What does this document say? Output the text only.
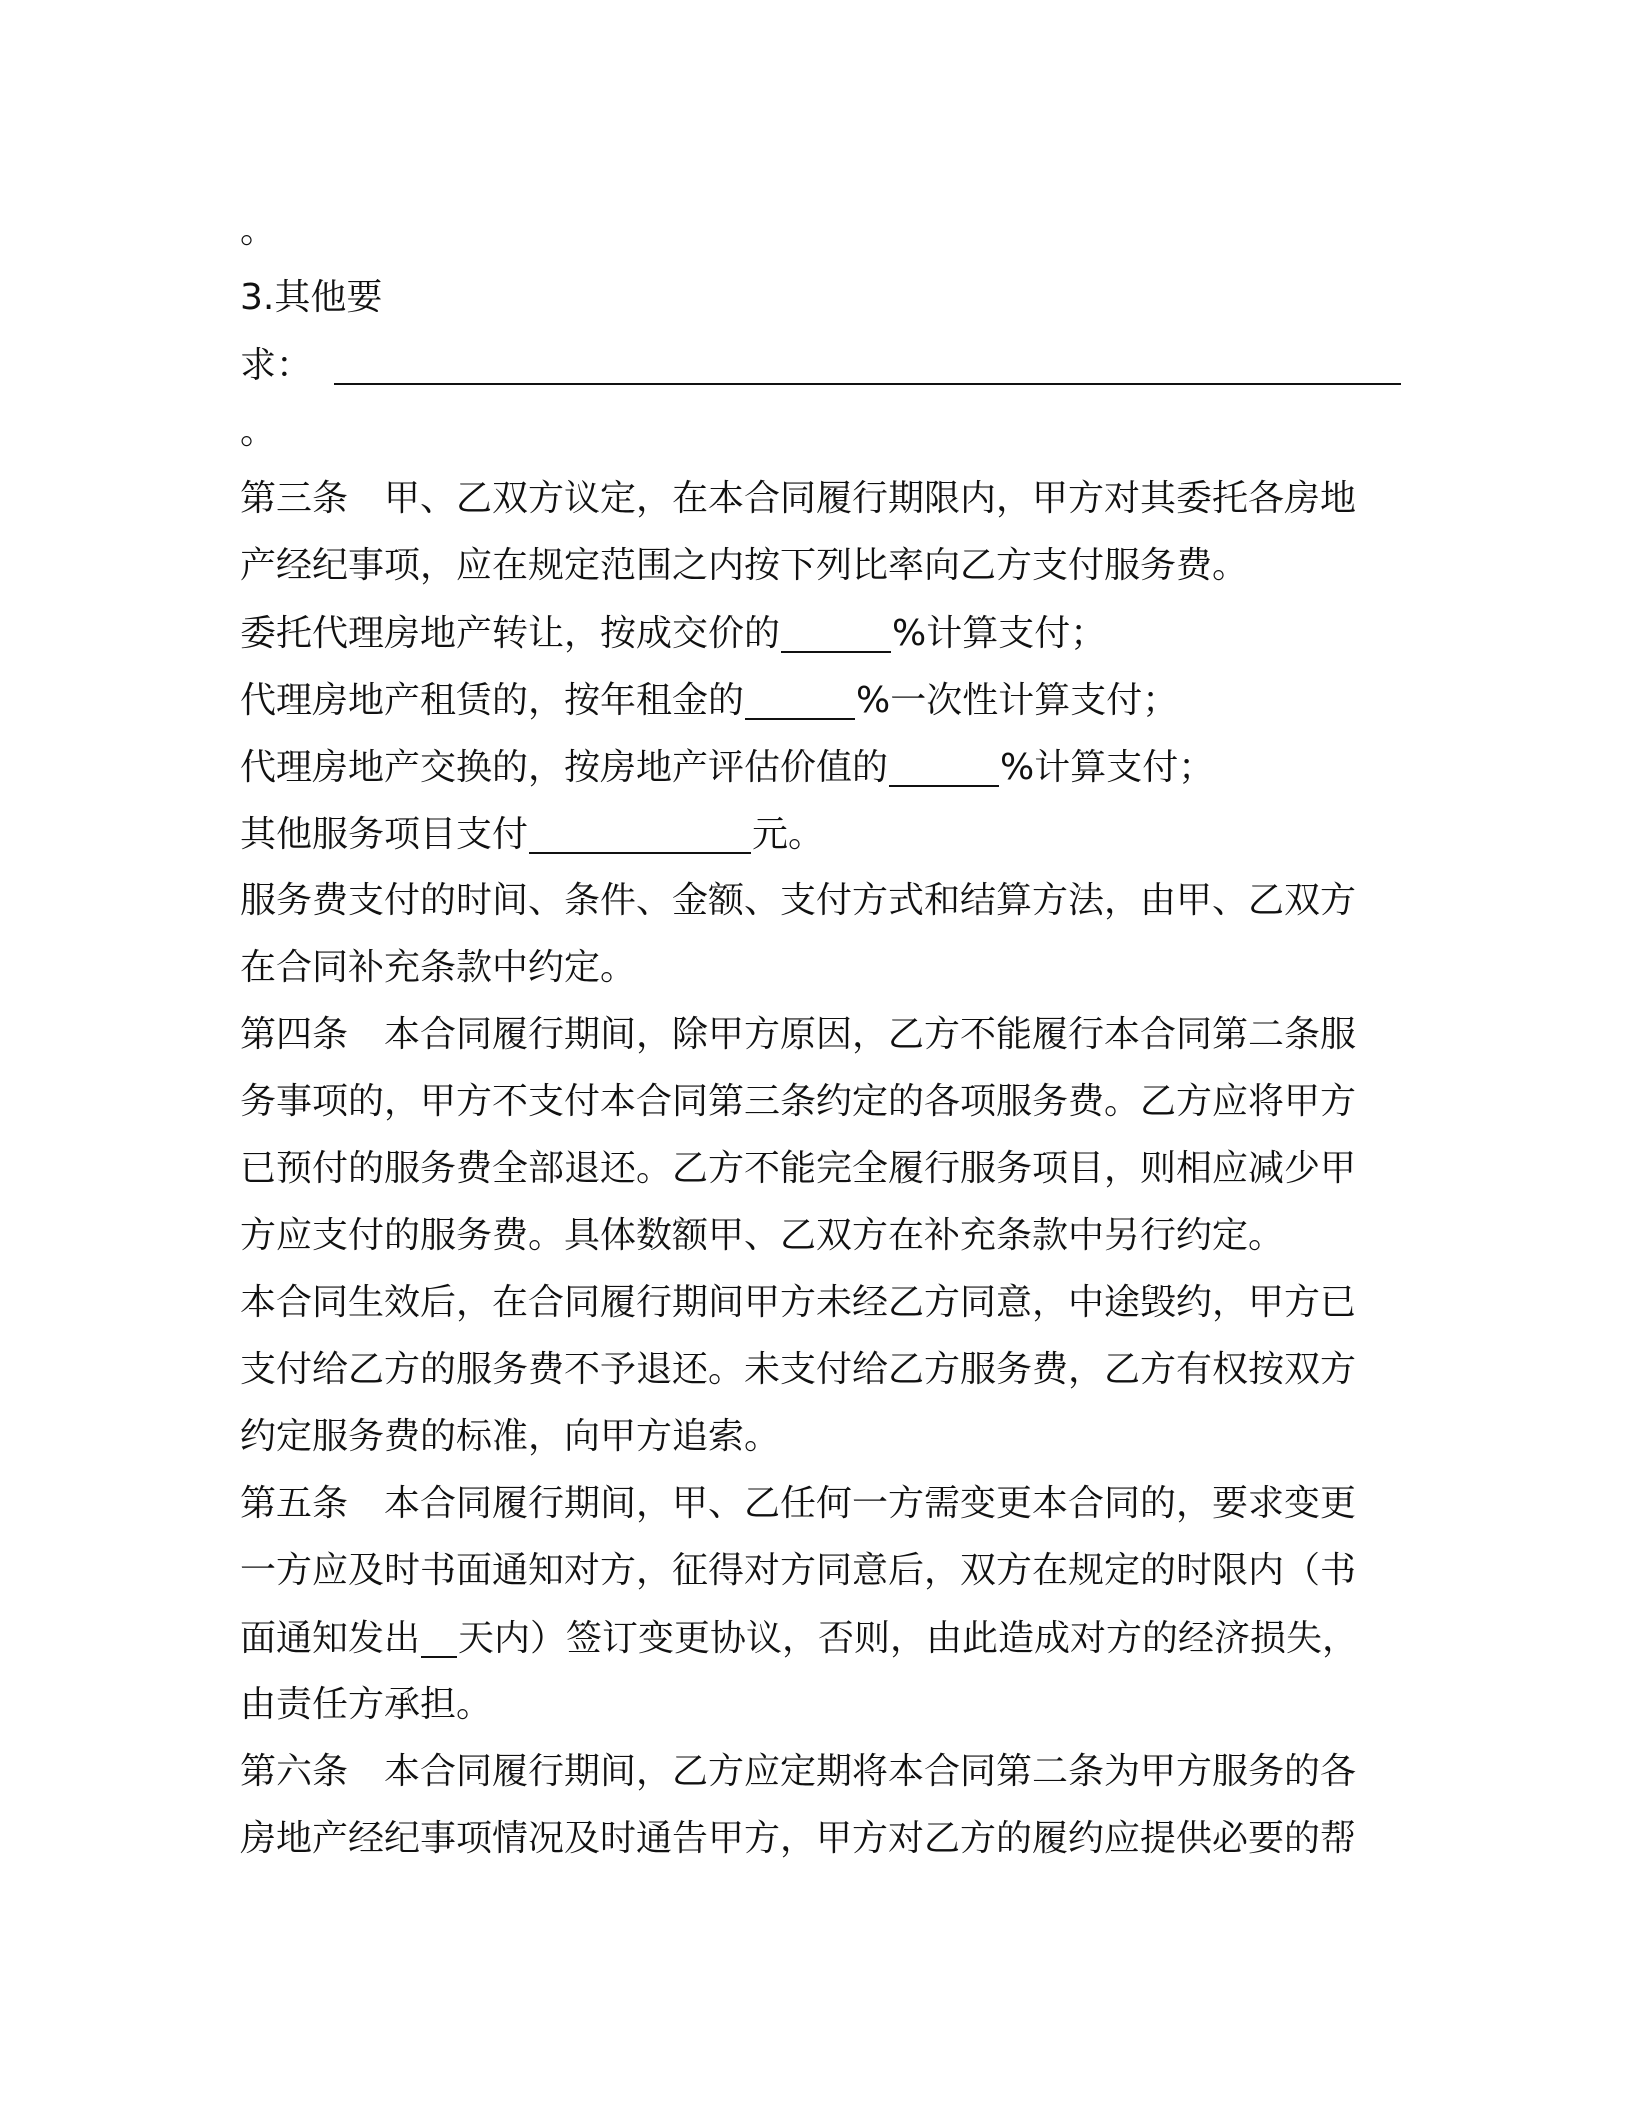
。
3.其他要
求：
。
第三条　甲、乙双方议定，在本合同履行期限内，甲方对其委托各房地
产经纪事项，应在规定范围之内按下列比率向乙方支付服务费。
委托代理房地产转让，按成交价的	%计算支付；
代理房地产租赁的，按年租金的	%一次性计算支付；
代理房地产交换的，按房地产评估价值的	%计算支付；
其他服务项目支付	元。
服务费支付的时间、条件、金额、支付方式和结算方法，由甲、乙双方
在合同补充条款中约定。
第四条　本合同履行期间，除甲方原因，乙方不能履行本合同第二条服
务事项的，甲方不支付本合同第三条约定的各项服务费。乙方应将甲方
已预付的服务费全部退还。乙方不能完全履行服务项目，则相应减少甲
方应支付的服务费。具体数额甲、乙双方在补充条款中另行约定。
本合同生效后，在合同履行期间甲方未经乙方同意，中途毁约，甲方已
支付给乙方的服务费不予退还。未支付给乙方服务费，乙方有权按双方
约定服务费的标准，向甲方追索。
第五条　本合同履行期间，甲、乙任何一方需变更本合同的，要求变更
一方应及时书面通知对方，征得对方同意后，双方在规定的时限内（书
面通知发出 天内）签订变更协议，否则，由此造成对方的经济损失，
由责任方承担。
第六条　本合同履行期间，乙方应定期将本合同第二条为甲方服务的各
房地产经纪事项情况及时通告甲方，甲方对乙方的履约应提供必要的帮
